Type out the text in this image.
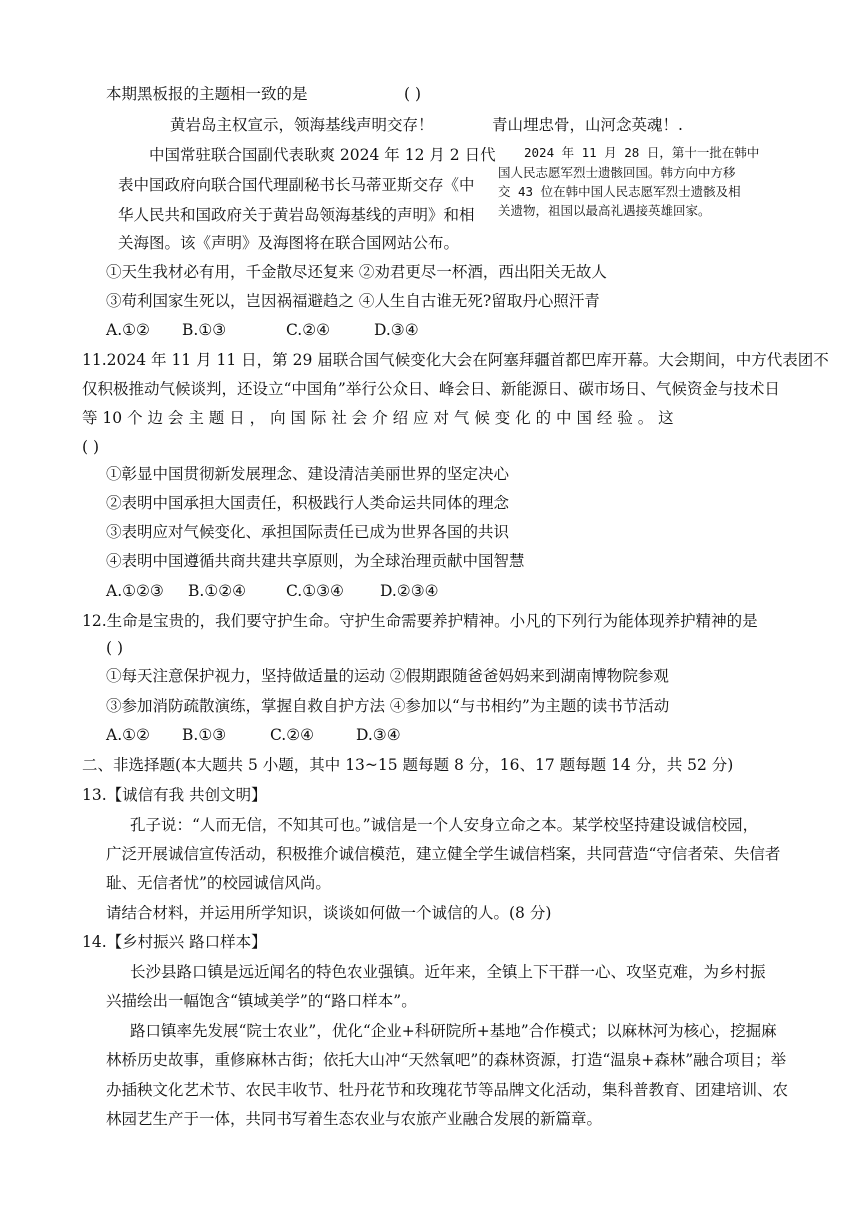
本期黑板报的主题相一致的是	( )
黄岩岛主权宣示，领海基线声明交存！	青山埋忠骨，山河念英魂！.
中国常驻联合国副代表耿爽 2024 年 12 月 2 日代
表中国政府向联合国代理副秘书长马蒂亚斯交存《中
华人民共和国政府关于黄岩岛领海基线的声明》和相
关海图。该《声明》及海图将在联合国网站公布。
2024 年 11 月 28 日，第十一批在韩中
国人民志愿军烈士遗骸回国。韩方向中方移
交 43 位在韩中国人民志愿军烈士遗骸及相
关遗物，祖国以最高礼遇接英雄回家。
①天生我材必有用，千金散尽还复来 ②劝君更尽一杯酒，西出阳关无故人
③苟利国家生死以，岂因祸福避趋之 ④人生自古谁无死?留取丹心照汗青
A.①② B.①③	C.②④	D.③④
11.2024 年 11 月 11 日，第 29 届联合国气候变化大会在阿塞拜疆首都巴库开幕。大会期间，中方代表团不
仅积极推动气候谈判，还设立“中国角”举行公众日、峰会日、新能源日、碳市场日、气候资金与技术日
等 10 个 边 会 主 题 日 ， 向 国 际 社 会 介 绍 应 对 气 候 变 化 的 中 国 经 验 。 这
( )
①彰显中国贯彻新发展理念、建设清洁美丽世界的坚定决心
②表明中国承担大国责任，积极践行人类命运共同体的理念
③表明应对气候变化、承担国际责任已成为世界各国的共识
④表明中国遵循共商共建共享原则，为全球治理贡献中国智慧
A.①②③ B.①②④	C.①③④ D.②③④
12.生命是宝贵的，我们要守护生命。守护生命需要养护精神。小凡的下列行为能体现养护精神的是
( )
①每天注意保护视力，坚持做适量的运动 ②假期跟随爸爸妈妈来到湖南博物院参观
③参加消防疏散演练，掌握自救自护方法 ④参加以“与书相约”为主题的读书节活动
A.①② B.①③	C.②④	D.③④
二、非选择题(本大题共 5 小题，其中 13~15 题每题 8 分，16、17 题每题 14 分，共 52 分)
13.【诚信有我 共创文明】
孔子说：“人而无信，不知其可也。”诚信是一个人安身立命之本。某学校坚持建设诚信校园，
广泛开展诚信宣传活动，积极推介诚信模范，建立健全学生诚信档案，共同营造“守信者荣、失信者
耻、无信者忧”的校园诚信风尚。
请结合材料，并运用所学知识，谈谈如何做一个诚信的人。(8 分)
14.【乡村振兴 路口样本】
长沙县路口镇是远近闻名的特色农业强镇。近年来，全镇上下干群一心、攻坚克难，为乡村振
兴描绘出一幅饱含“镇域美学”的“路口样本”。
路口镇率先发展“院士农业”，优化“企业+科研院所+基地”合作模式；以麻林河为核心，挖掘麻
林桥历史故事，重修麻林古街；依托大山冲“天然氧吧”的森林资源，打造“温泉+森林”融合项目；举
办插秧文化艺术节、农民丰收节、牡丹花节和玫瑰花节等品牌文化活动，集科普教育、团建培训、农
林园艺生产于一体，共同书写着生态农业与农旅产业融合发展的新篇章。
